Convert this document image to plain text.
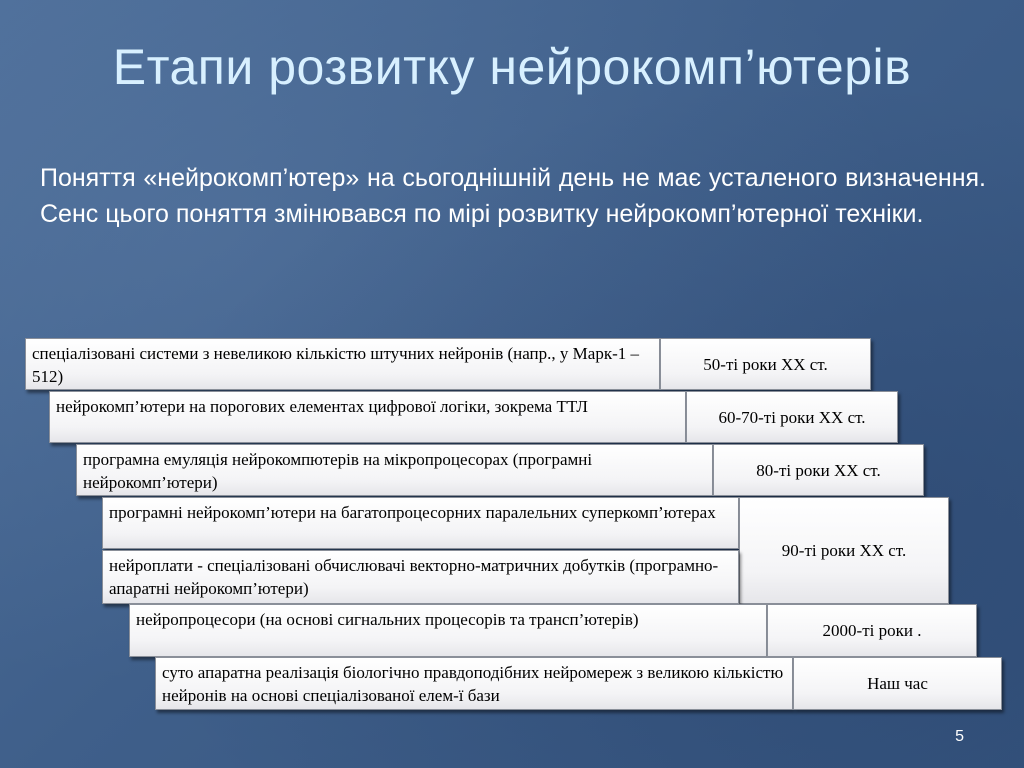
Етапи розвитку нейрокомп’ютерів
Поняття «нейрокомп’ютер» на сьогоднішній день не має усталеного визначення. Сенс цього поняття змінювався по мірі розвитку нейрокомп’ютерної техніки.
спеціалізовані системи з невеликою кількістю штучних нейронів (напр., у Марк-1 – 512)
50-ті роки XX ст.
нейрокомп’ютери на порогових елементах цифрової логіки, зокрема ТТЛ
60-70-ті роки XX ст.
програмна емуляція нейрокомпютерів на мікропроцесорах (програмні нейрокомп’ютери)
80-ті роки XX ст.
програмні нейрокомп’ютери на багатопроцесорних паралельних суперкомп’ютерах
90-ті роки XX ст.
нейроплати - спеціалізовані обчислювачі векторно-матричних добутків (програмно-апаратні нейрокомп’ютери)
нейропроцесори (на основі сигнальних процесорів та трансп’ютерів)
2000-ті роки .
суто апаратна реалізація біологічно правдоподібних нейромереж з великою кількістю нейронів на основі спеціалізованої елем-ї бази
Наш час
5
